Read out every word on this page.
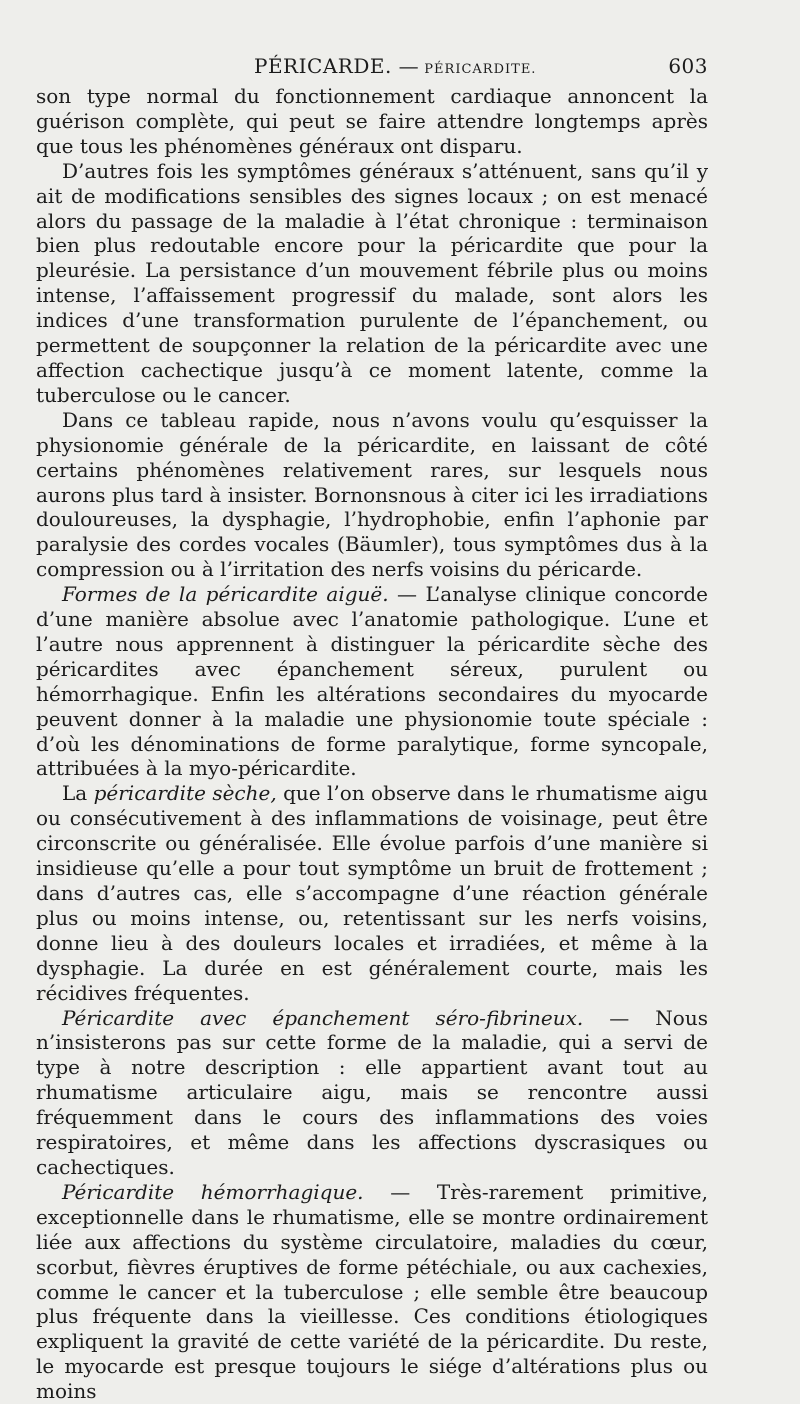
PÉRICARDE. — PÉRICARDITE.	603

son type normal du fonctionnement cardiaque annoncent la guérison complète, qui peut se faire attendre longtemps après que tous les phénomènes généraux ont disparu.

D’autres fois les symptômes généraux s’atténuent, sans qu’il y ait de modifications sensibles des signes locaux ; on est menacé alors du passage de la maladie à l’état chronique : terminaison bien plus redoutable encore pour la péricardite que pour la pleurésie. La persistance d’un mouvement fébrile plus ou moins intense, l’affaissement progressif du malade, sont alors les indices d’une transformation purulente de l’épanchement, ou permettent de soupçonner la relation de la péricardite avec une affection cachectique jusqu’à ce moment latente, comme la tuberculose ou le cancer.

Dans ce tableau rapide, nous n’avons voulu qu’esquisser la physionomie générale de la péricardite, en laissant de côté certains phénomènes relativement rares, sur lesquels nous aurons plus tard à insister. Bornonsnous à citer ici les irradiations douloureuses, la dysphagie, l’hydrophobie, enfin l’aphonie par paralysie des cordes vocales (Bäumler), tous symptômes dus à la compression ou à l’irritation des nerfs voisins du péricarde.

Formes de la péricardite aiguë. — L’analyse clinique concorde d’une manière absolue avec l’anatomie pathologique. L’une et l’autre nous apprennent à distinguer la péricardite sèche des péricardites avec épanchement séreux, purulent ou hémorrhagique. Enfin les altérations secondaires du myocarde peuvent donner à la maladie une physionomie toute spéciale : d’où les dénominations de forme paralytique, forme syncopale, attribuées à la myo-péricardite.

La péricardite sèche, que l’on observe dans le rhumatisme aigu ou consécutivement à des inflammations de voisinage, peut être circonscrite ou généralisée. Elle évolue parfois d’une manière si insidieuse qu’elle a pour tout symptôme un bruit de frottement ; dans d’autres cas, elle s’accompagne d’une réaction générale plus ou moins intense, ou, retentissant sur les nerfs voisins, donne lieu à des douleurs locales et irradiées, et même à la dysphagie. La durée en est généralement courte, mais les récidives fréquentes.

Péricardite avec épanchement séro-fibrineux. — Nous n’insisterons pas sur cette forme de la maladie, qui a servi de type à notre description : elle appartient avant tout au rhumatisme articulaire aigu, mais se rencontre aussi fréquemment dans le cours des inflammations des voies respiratoires, et même dans les affections dyscrasiques ou cachectiques.

Péricardite hémorrhagique. — Très-rarement primitive, exceptionnelle dans le rhumatisme, elle se montre ordinairement liée aux affections du système circulatoire, maladies du cœur, scorbut, fièvres éruptives de forme pétéchiale, ou aux cachexies, comme le cancer et la tuberculose ; elle semble être beaucoup plus fréquente dans la vieillesse. Ces conditions étiologiques expliquent la gravité de cette variété de la péricardite. Du reste, le myocarde est presque toujours le siége d’altérations plus ou moins
